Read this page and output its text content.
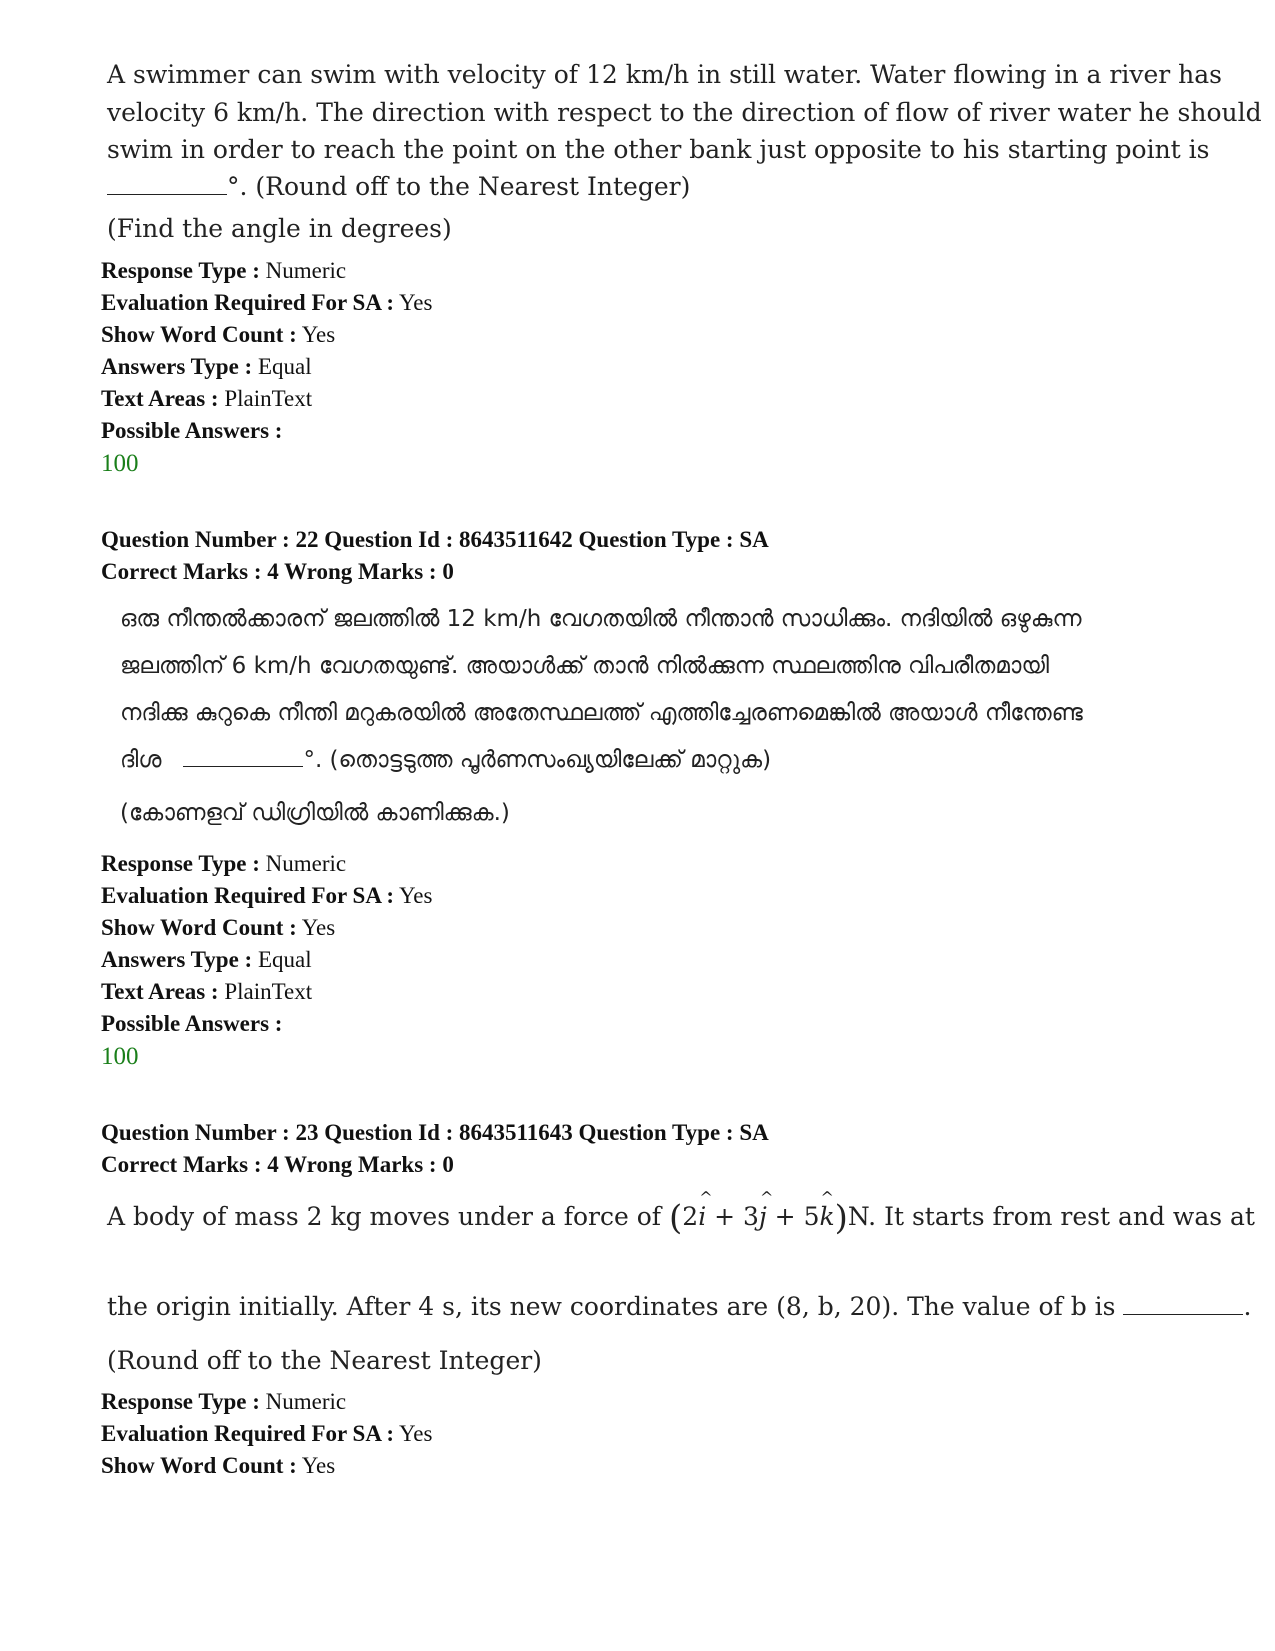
A swimmer can swim with velocity of 12 km/h in still water. Water flowing in a river has
velocity 6 km/h. The direction with respect to the direction of flow of river water he should
swim in order to reach the point on the other bank just opposite to his starting point is
°. (Round off to the Nearest Integer)
(Find the angle in degrees)
Response Type : Numeric
Evaluation Required For SA : Yes
Show Word Count : Yes
Answers Type : Equal
Text Areas : PlainText
Possible Answers :
100
Question Number : 22 Question Id : 8643511642 Question Type : SA
Correct Marks : 4 Wrong Marks : 0
ഒരു നീന്തൽക്കാരന് ജലത്തിൽ 12 km/h വേഗതയിൽ നീന്താൻ സാധിക്കും. നദിയിൽ ഒഴുകുന്ന
ജലത്തിന് 6 km/h വേഗതയുണ്ട്. അയാൾക്ക് താൻ നിൽക്കുന്ന സ്ഥലത്തിനു വിപരീതമായി
നദിക്കു കുറുകെ നീന്തി മറുകരയിൽ അതേസ്ഥലത്ത് എത്തിച്ചേരണമെങ്കിൽ അയാൾ നീന്തേണ്ട
ദിശ	°. (തൊട്ടടുത്ത പൂർണസംഖ്യയിലേക്ക് മാറ്റുക)
(കോണളവ് ഡിഗ്രിയിൽ കാണിക്കുക.)
Response Type : Numeric
Evaluation Required For SA : Yes
Show Word Count : Yes
Answers Type : Equal
Text Areas : PlainText
Possible Answers :
100
Question Number : 23 Question Id : 8643511643 Question Type : SA
Correct Marks : 4 Wrong Marks : 0
A body of mass 2 kg moves under a force of (2
^
i + 3
^
j + 5
^
k)N. It starts from rest and was at
the origin initially. After 4 s, its new coordinates are (8, b, 20). The value of b is	.
(Round off to the Nearest Integer)
Response Type : Numeric
Evaluation Required For SA : Yes
Show Word Count : Yes
